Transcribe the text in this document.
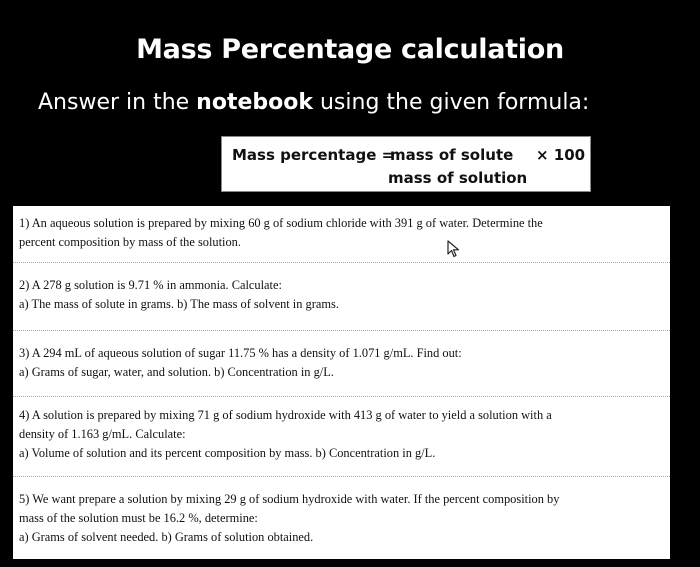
Mass Percentage calculation
Answer in the notebook using the given formula:
Mass percentage =
mass of solute × 100
mass of solution
1) An aqueous solution is prepared by mixing 60 g of sodium chloride with 391 g of water. Determine the
percent composition by mass of the solution.
2) A 278 g solution is 9.71 % in ammonia. Calculate:
a) The mass of solute in grams. b) The mass of solvent in grams.
3) A 294 mL of aqueous solution of sugar 11.75 % has a density of 1.071 g/mL. Find out:
a) Grams of sugar, water, and solution. b) Concentration in g/L.
4) A solution is prepared by mixing 71 g of sodium hydroxide with 413 g of water to yield a solution with a
density of 1.163 g/mL. Calculate:
a) Volume of solution and its percent composition by mass. b) Concentration in g/L.
5) We want prepare a solution by mixing 29 g of sodium hydroxide with water. If the percent composition by
mass of the solution must be 16.2 %, determine:
a) Grams of solvent needed. b) Grams of solution obtained.
